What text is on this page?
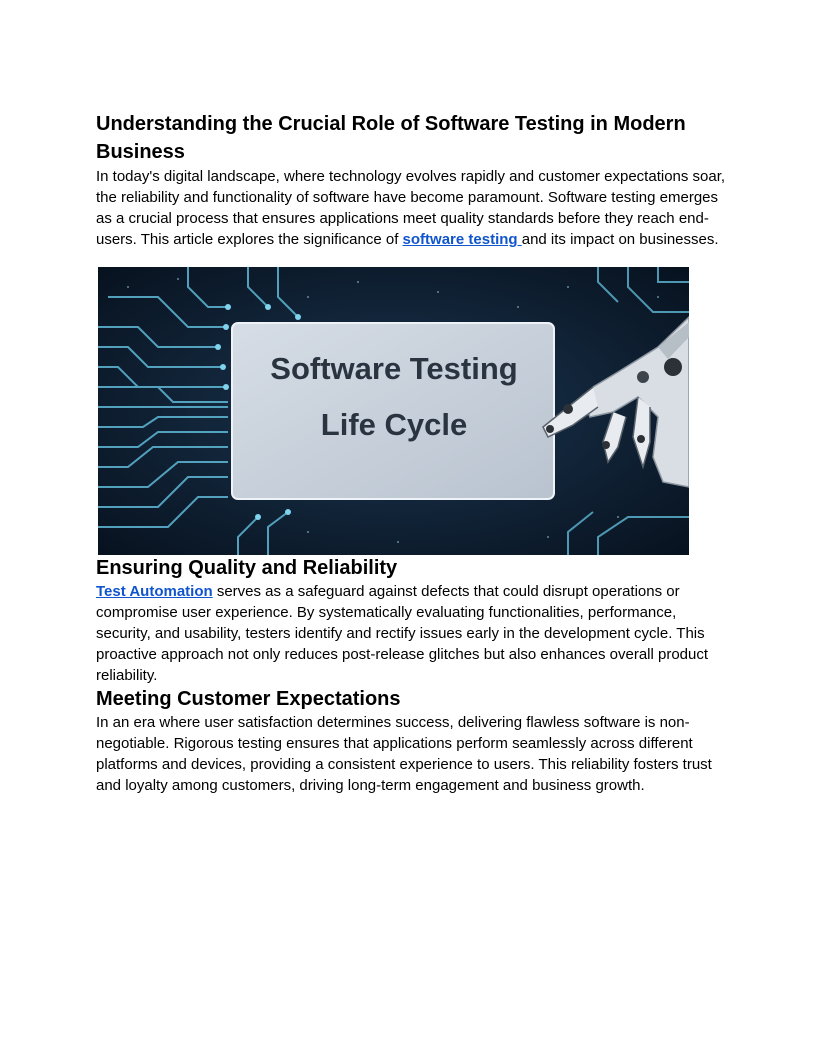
Understanding the Crucial Role of Software Testing in Modern Business

In today's digital landscape, where technology evolves rapidly and customer expectations soar, the reliability and functionality of software have become paramount. Software testing emerges as a crucial process that ensures applications meet quality standards before they reach end-users. This article explores the significance of software testing and its impact on businesses.

Software Testing
Life Cycle
Ensuring Quality and Reliability

Test Automation serves as a safeguard against defects that could disrupt operations or compromise user experience. By systematically evaluating functionalities, performance, security, and usability, testers identify and rectify issues early in the development cycle. This proactive approach not only reduces post-release glitches but also enhances overall product reliability.

Meeting Customer Expectations

In an era where user satisfaction determines success, delivering flawless software is non-negotiable. Rigorous testing ensures that applications perform seamlessly across different platforms and devices, providing a consistent experience to users. This reliability fosters trust and loyalty among customers, driving long-term engagement and business growth.
